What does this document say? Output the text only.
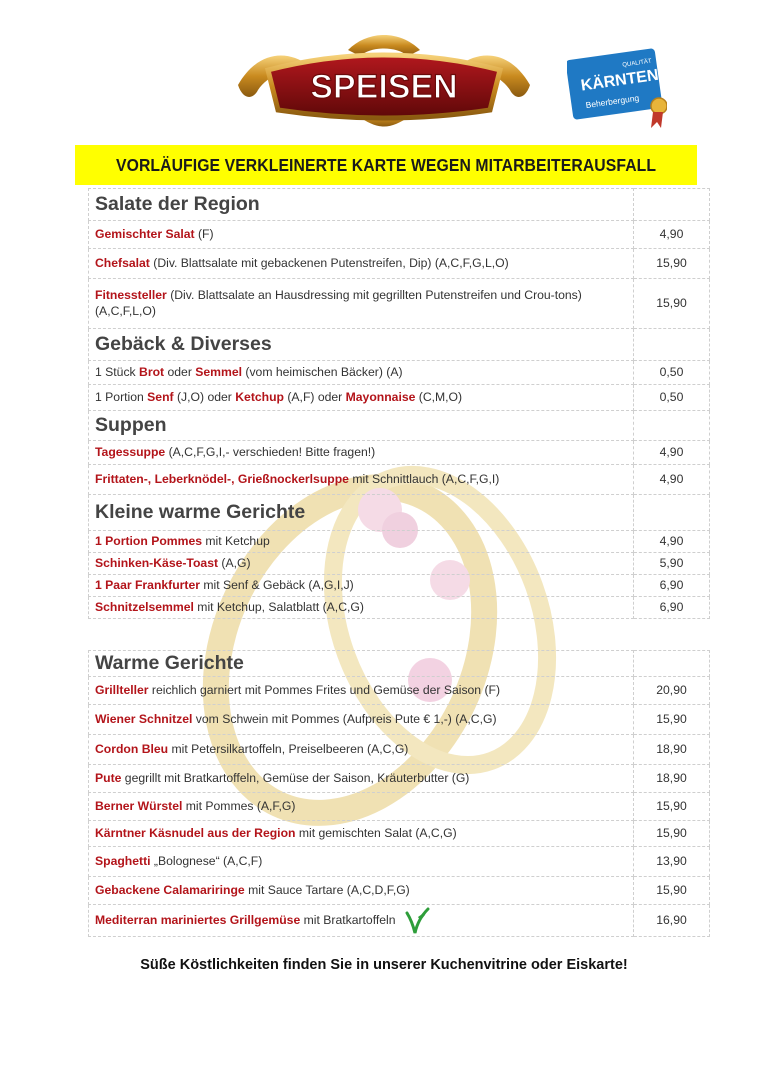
SPEISEN
QUALITÄT
KÄRNTEN
Beherbergung
VORLÄUFIGE VERKLEINERTE KARTE WEGEN MITARBEITERAUSFALL
Salate der Region	
Gemischter Salat (F)	4,90
Chefsalat (Div. Blattsalate mit gebackenen Putenstreifen, Dip) (A,C,F,G,L,O)	15,90
Fitnessteller (Div. Blattsalate an Hausdressing mit gegrillten Putenstreifen und Crou-tons) (A,C,F,L,O)	15,90
Gebäck & Diverses	
1 Stück Brot oder Semmel (vom heimischen Bäcker) (A)	0,50
1 Portion Senf (J,O) oder Ketchup (A,F) oder Mayonnaise (C,M,O)	0,50
Suppen	
Tagessuppe (A,C,F,G,I,- verschieden! Bitte fragen!)	4,90
Frittaten-, Leberknödel-, Grießnockerlsuppe mit Schnittlauch (A,C,F,G,I)	4,90
Kleine warme Gerichte	
1 Portion Pommes mit Ketchup	4,90
Schinken-Käse-Toast (A,G)	5,90
1 Paar Frankfurter mit Senf & Gebäck (A,G,I,J)	6,90
Schnitzelsemmel mit Ketchup, Salatblatt (A,C,G)	6,90
Warme Gerichte	
Grillteller reichlich garniert mit Pommes Frites und Gemüse der Saison (F)	20,90
Wiener Schnitzel vom Schwein mit Pommes (Aufpreis Pute € 1,-) (A,C,G)	15,90
Cordon Bleu mit Petersilkartoffeln, Preiselbeeren (A,C,G)	18,90
Pute gegrillt mit Bratkartoffeln, Gemüse der Saison, Kräuterbutter (G)	18,90
Berner Würstel mit Pommes (A,F,G)	15,90
Kärntner Käsnudel aus der Region mit gemischten Salat (A,C,G)	15,90
Spaghetti „Bolognese“ (A,C,F)	13,90
Gebackene Calamariringe mit Sauce Tartare (A,C,D,F,G)	15,90
Mediterran mariniertes Grillgemüse mit Bratkartoffeln	16,90
Süße Köstlichkeiten finden Sie in unserer Kuchenvitrine oder Eiskarte!
